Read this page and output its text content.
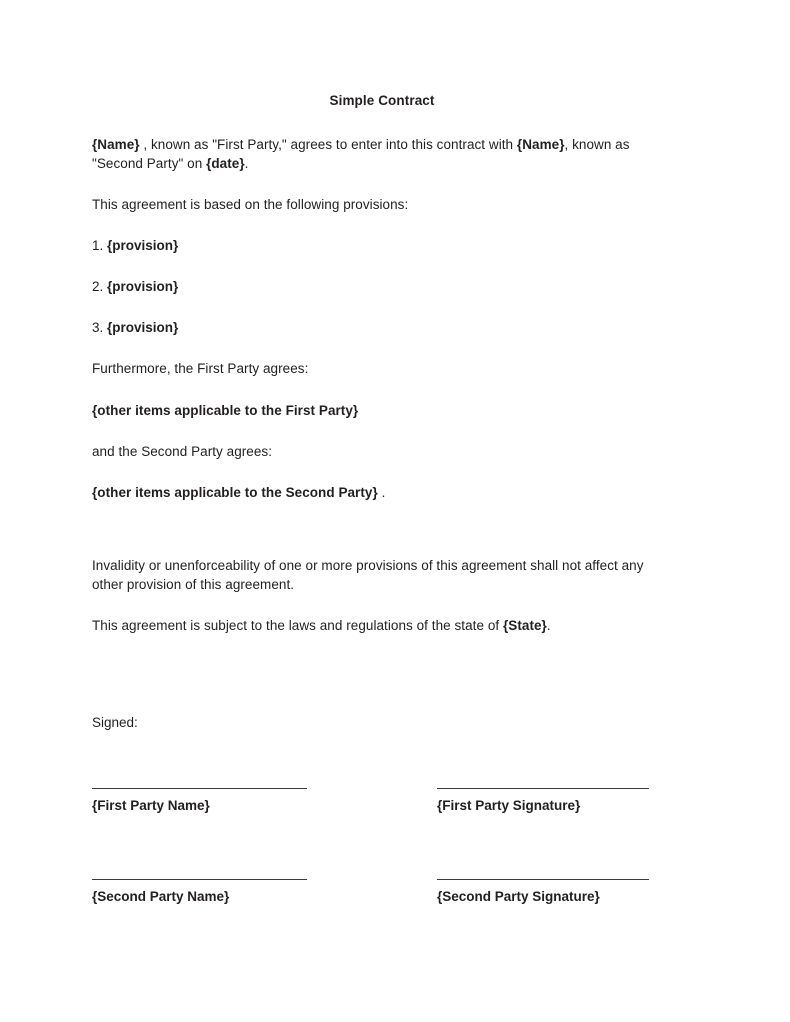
Simple Contract

{Name} , known as "First Party," agrees to enter into this contract with {Name}, known as "Second Party" on {date}.

This agreement is based on the following provisions:

1. {provision}
2. {provision}
3. {provision}

Furthermore, the First Party agrees:

{other items applicable to the First Party}

and the Second Party agrees:

{other items applicable to the Second Party} .

Invalidity or unenforceability of one or more provisions of this agreement shall not affect any other provision of this agreement.

This agreement is subject to the laws and regulations of the state of {State}.

Signed:

{First Party Name}	{First Party Signature}
{Second Party Name}	{Second Party Signature}
